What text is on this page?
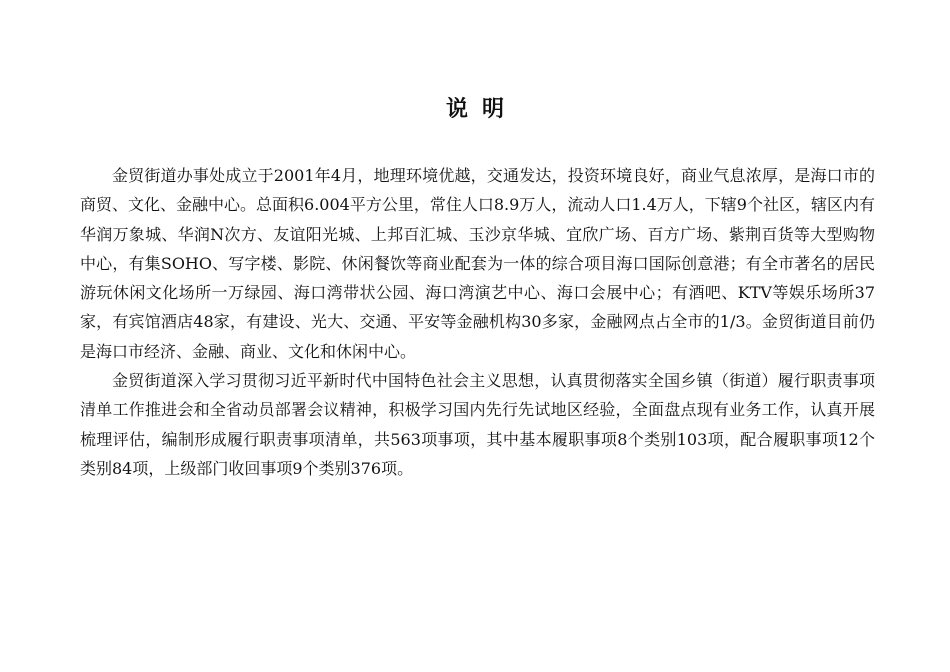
说明

金贸街道办事处成立于2001年4月，地理环境优越，交通发达，投资环境良好，商业气息浓厚，是海口市的商贸、文化、金融中心。总面积6.004平方公里，常住人口8.9万人，流动人口1.4万人，下辖9个社区，辖区内有华润万象城、华润N次方、友谊阳光城、上邦百汇城、玉沙京华城、宜欣广场、百方广场、紫荆百货等大型购物中心，有集SOHO、写字楼、影院、休闲餐饮等商业配套为一体的综合项目海口国际创意港；有全市著名的居民游玩休闲文化场所一万绿园、海口湾带状公园、海口湾演艺中心、海口会展中心；有酒吧、KTV等娱乐场所37家，有宾馆酒店48家，有建设、光大、交通、平安等金融机构30多家，金融网点占全市的1/3。金贸街道目前仍是海口市经济、金融、商业、文化和休闲中心。

金贸街道深入学习贯彻习近平新时代中国特色社会主义思想，认真贯彻落实全国乡镇（街道）履行职责事项清单工作推进会和全省动员部署会议精神，积极学习国内先行先试地区经验，全面盘点现有业务工作，认真开展梳理评估，编制形成履行职责事项清单，共563项事项，其中基本履职事项8个类别103项，配合履职事项12个类别84项，上级部门收回事项9个类别376项。
